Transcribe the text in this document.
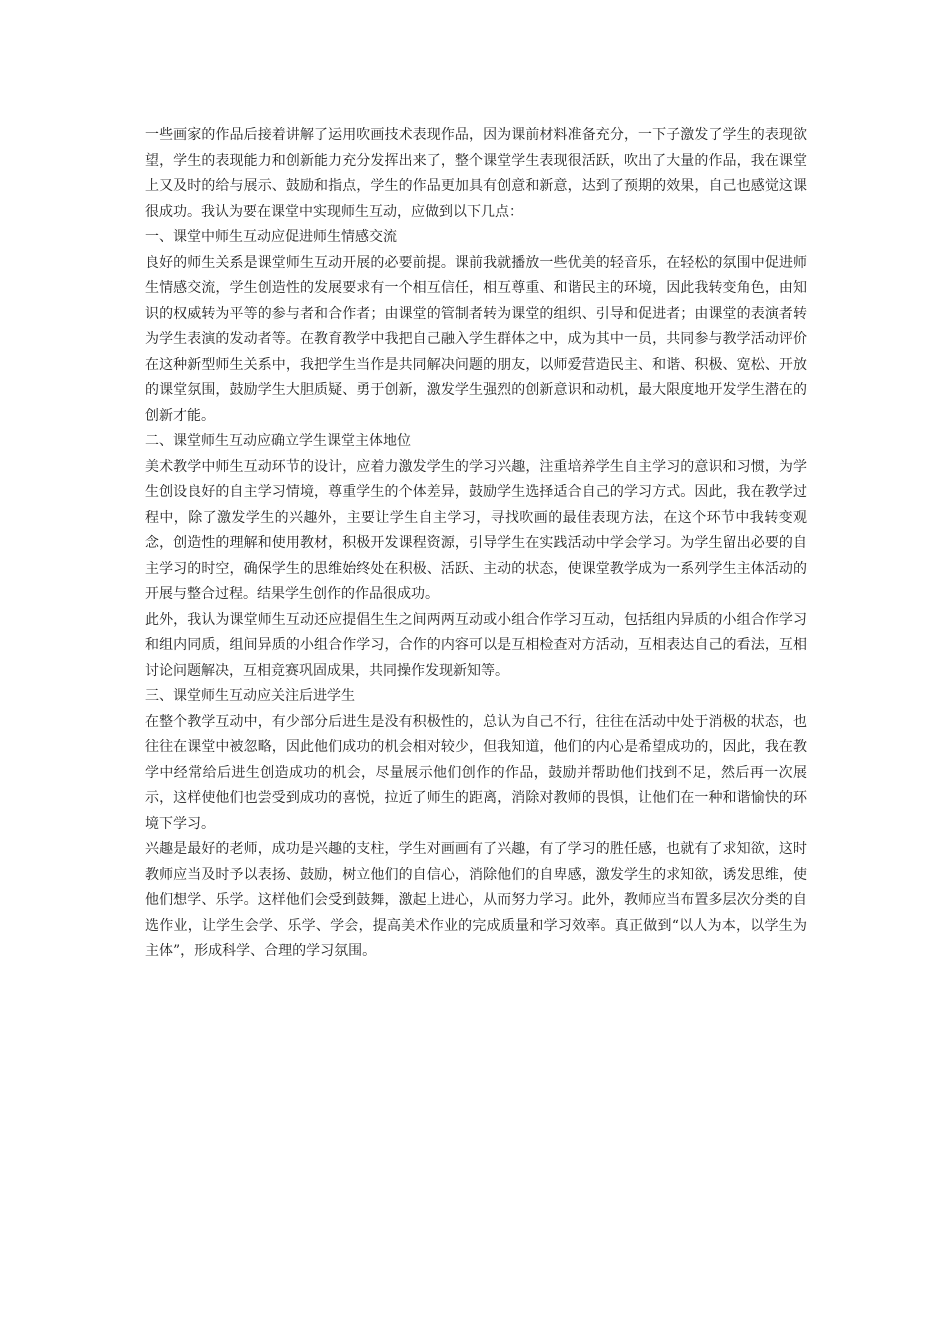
一些画家的作品后接着讲解了运用吹画技术表现作品，因为课前材料准备充分，一下子激发了学生的表现欲望，学生的表现能力和创新能力充分发挥出来了，整个课堂学生表现很活跃，吹出了大量的作品，我在课堂上又及时的给与展示、鼓励和指点，学生的作品更加具有创意和新意，达到了预期的效果，自己也感觉这课很成功。我认为要在课堂中实现师生互动，应做到以下几点：

一、课堂中师生互动应促进师生情感交流

良好的师生关系是课堂师生互动开展的必要前提。课前我就播放一些优美的轻音乐，在轻松的氛围中促进师生情感交流，学生创造性的发展要求有一个相互信任，相互尊重、和谐民主的环境，因此我转变角色，由知识的权威转为平等的参与者和合作者；由课堂的管制者转为课堂的组织、引导和促进者；由课堂的表演者转为学生表演的发动者等。在教育教学中我把自己融入学生群体之中，成为其中一员，共同参与教学活动评价在这种新型师生关系中，我把学生当作是共同解决问题的朋友，以师爱营造民主、和谐、积极、宽松、开放的课堂氛围，鼓励学生大胆质疑、勇于创新，激发学生强烈的创新意识和动机，最大限度地开发学生潜在的创新才能。

二、课堂师生互动应确立学生课堂主体地位

美术教学中师生互动环节的设计，应着力激发学生的学习兴趣，注重培养学生自主学习的意识和习惯，为学生创设良好的自主学习情境，尊重学生的个体差异，鼓励学生选择适合自己的学习方式。因此，我在教学过程中，除了激发学生的兴趣外，主要让学生自主学习，寻找吹画的最佳表现方法，在这个环节中我转变观念，创造性的理解和使用教材，积极开发课程资源，引导学生在实践活动中学会学习。为学生留出必要的自主学习的时空，确保学生的思维始终处在积极、活跃、主动的状态，使课堂教学成为一系列学生主体活动的开展与整合过程。结果学生创作的作品很成功。

此外，我认为课堂师生互动还应提倡生生之间两两互动或小组合作学习互动，包括组内异质的小组合作学习和组内同质，组间异质的小组合作学习，合作的内容可以是互相检查对方活动，互相表达自己的看法，互相讨论问题解决，互相竞赛巩固成果，共同操作发现新知等。

三、课堂师生互动应关注后进学生

在整个教学互动中，有少部分后进生是没有积极性的，总认为自己不行，往往在活动中处于消极的状态，也往往在课堂中被忽略，因此他们成功的机会相对较少，但我知道，他们的内心是希望成功的，因此，我在教学中经常给后进生创造成功的机会，尽量展示他们创作的作品，鼓励并帮助他们找到不足，然后再一次展示，这样使他们也尝受到成功的喜悦，拉近了师生的距离，消除对教师的畏惧，让他们在一种和谐愉快的环境下学习。

兴趣是最好的老师，成功是兴趣的支柱，学生对画画有了兴趣，有了学习的胜任感，也就有了求知欲，这时教师应当及时予以表扬、鼓励，树立他们的自信心，消除他们的自卑感，激发学生的求知欲，诱发思维，使他们想学、乐学。这样他们会受到鼓舞，激起上进心，从而努力学习。此外，教师应当布置多层次分类的自选作业，让学生会学、乐学、学会，提高美术作业的完成质量和学习效率。真正做到“以人为本，以学生为主体”，形成科学、合理的学习氛围。
